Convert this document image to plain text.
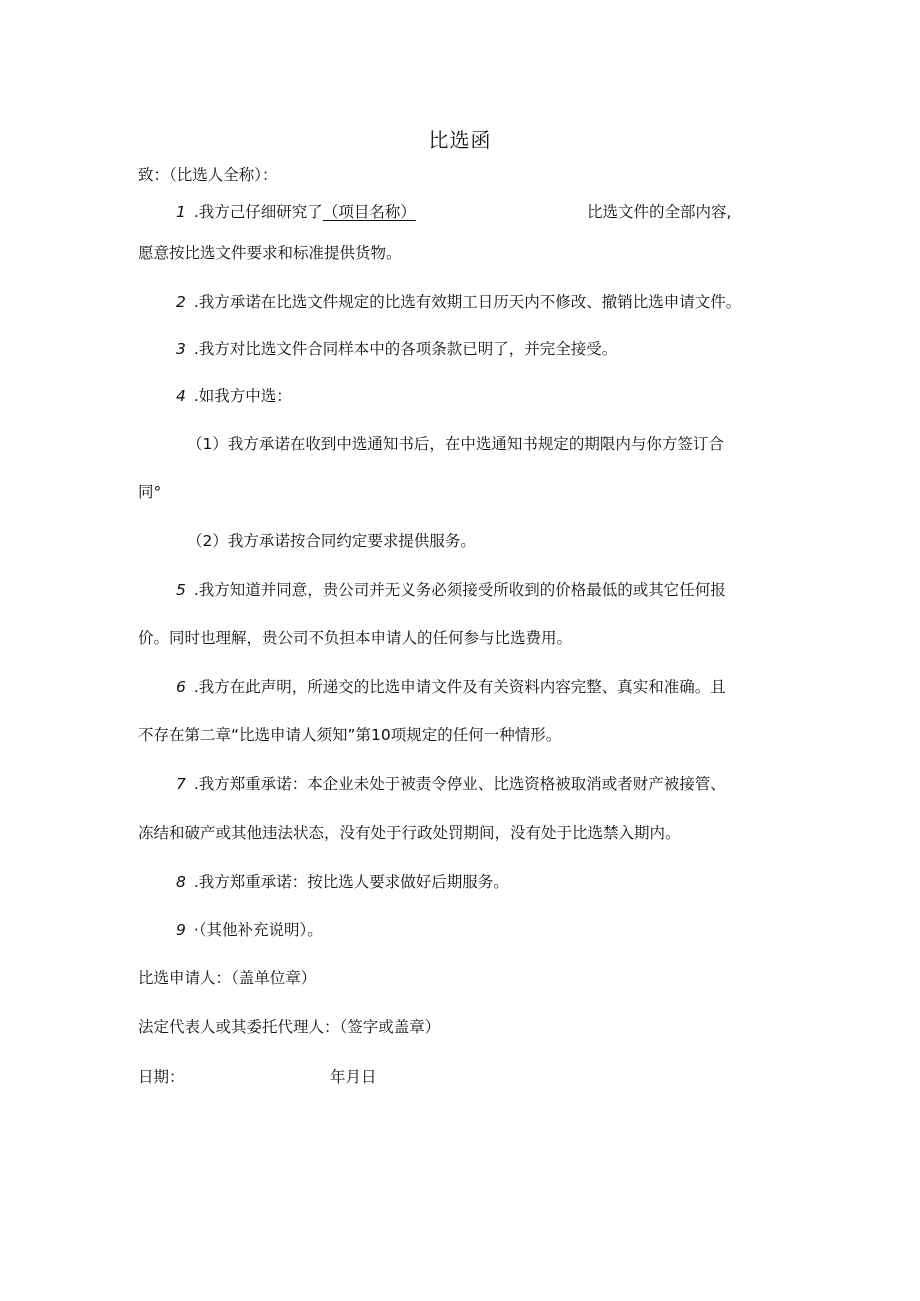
比选函
致：（比选人全称）：
1 .我方己仔细研究了（项目名称）	比选文件的全部内容,
愿意按比选文件要求和标准提供货物。
2 .我方承诺在比选文件规定的比选有效期工日历天内不修改、撤销比选申请文件。
3 .我方对比选文件合同样本中的各项条款已明了，并完全接受。
4 .如我方中选：
（1）我方承诺在收到中选通知书后，在中选通知书规定的期限内与你方签订合
同°
（2）我方承诺按合同约定要求提供服务。
5 .我方知道并同意，贵公司并无义务必须接受所收到的价格最低的或其它任何报
价。同时也理解，贵公司不负担本申请人的任何参与比选费用。
6 .我方在此声明，所递交的比选申请文件及有关资料内容完整、真实和准确。且
不存在第二章“比选申请人须知”第10项规定的任何一种情形。
7 .我方郑重承诺：本企业未处于被责令停业、比选资格被取消或者财产被接管、
冻结和破产或其他违法状态，没有处于行政处罚期间，没有处于比选禁入期内。
8 .我方郑重承诺：按比选人要求做好后期服务。
9 ·（其他补充说明）。
比选申请人：（盖单位章）
法定代表人或其委托代理人：（签字或盖章）
日期：	年月日
